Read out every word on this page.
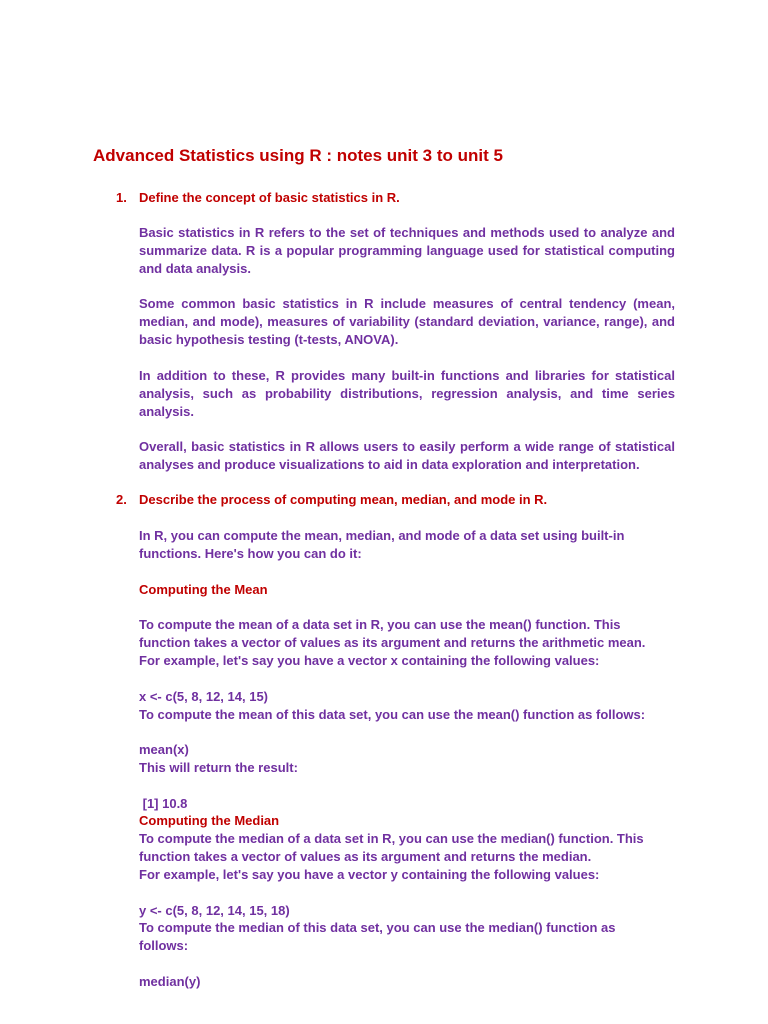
Advanced Statistics using R : notes unit 3 to unit 5
1. Define the concept of basic statistics in R.

Basic statistics in R refers to the set of techniques and methods used to analyze and summarize data. R is a popular programming language used for statistical computing and data analysis.

Some common basic statistics in R include measures of central tendency (mean, median, and mode), measures of variability (standard deviation, variance, range), and basic hypothesis testing (t-tests, ANOVA).

In addition to these, R provides many built-in functions and libraries for statistical analysis, such as probability distributions, regression analysis, and time series analysis.

Overall, basic statistics in R allows users to easily perform a wide range of statistical analyses and produce visualizations to aid in data exploration and interpretation.

2. Describe the process of computing mean, median, and mode in R.
In R, you can compute the mean, median, and mode of a data set using built-in
functions. Here's how you can do it:
Computing the Mean
To compute the mean of a data set in R, you can use the mean() function. This
function takes a vector of values as its argument and returns the arithmetic mean.
For example, let's say you have a vector x containing the following values:
x <- c(5, 8, 12, 14, 15)
To compute the mean of this data set, you can use the mean() function as follows:
mean(x)
This will return the result:
[1] 10.8
Computing the Median
To compute the median of a data set in R, you can use the median() function. This
function takes a vector of values as its argument and returns the median.
For example, let's say you have a vector y containing the following values:
y <- c(5, 8, 12, 14, 15, 18)
To compute the median of this data set, you can use the median() function as
follows:
median(y)
